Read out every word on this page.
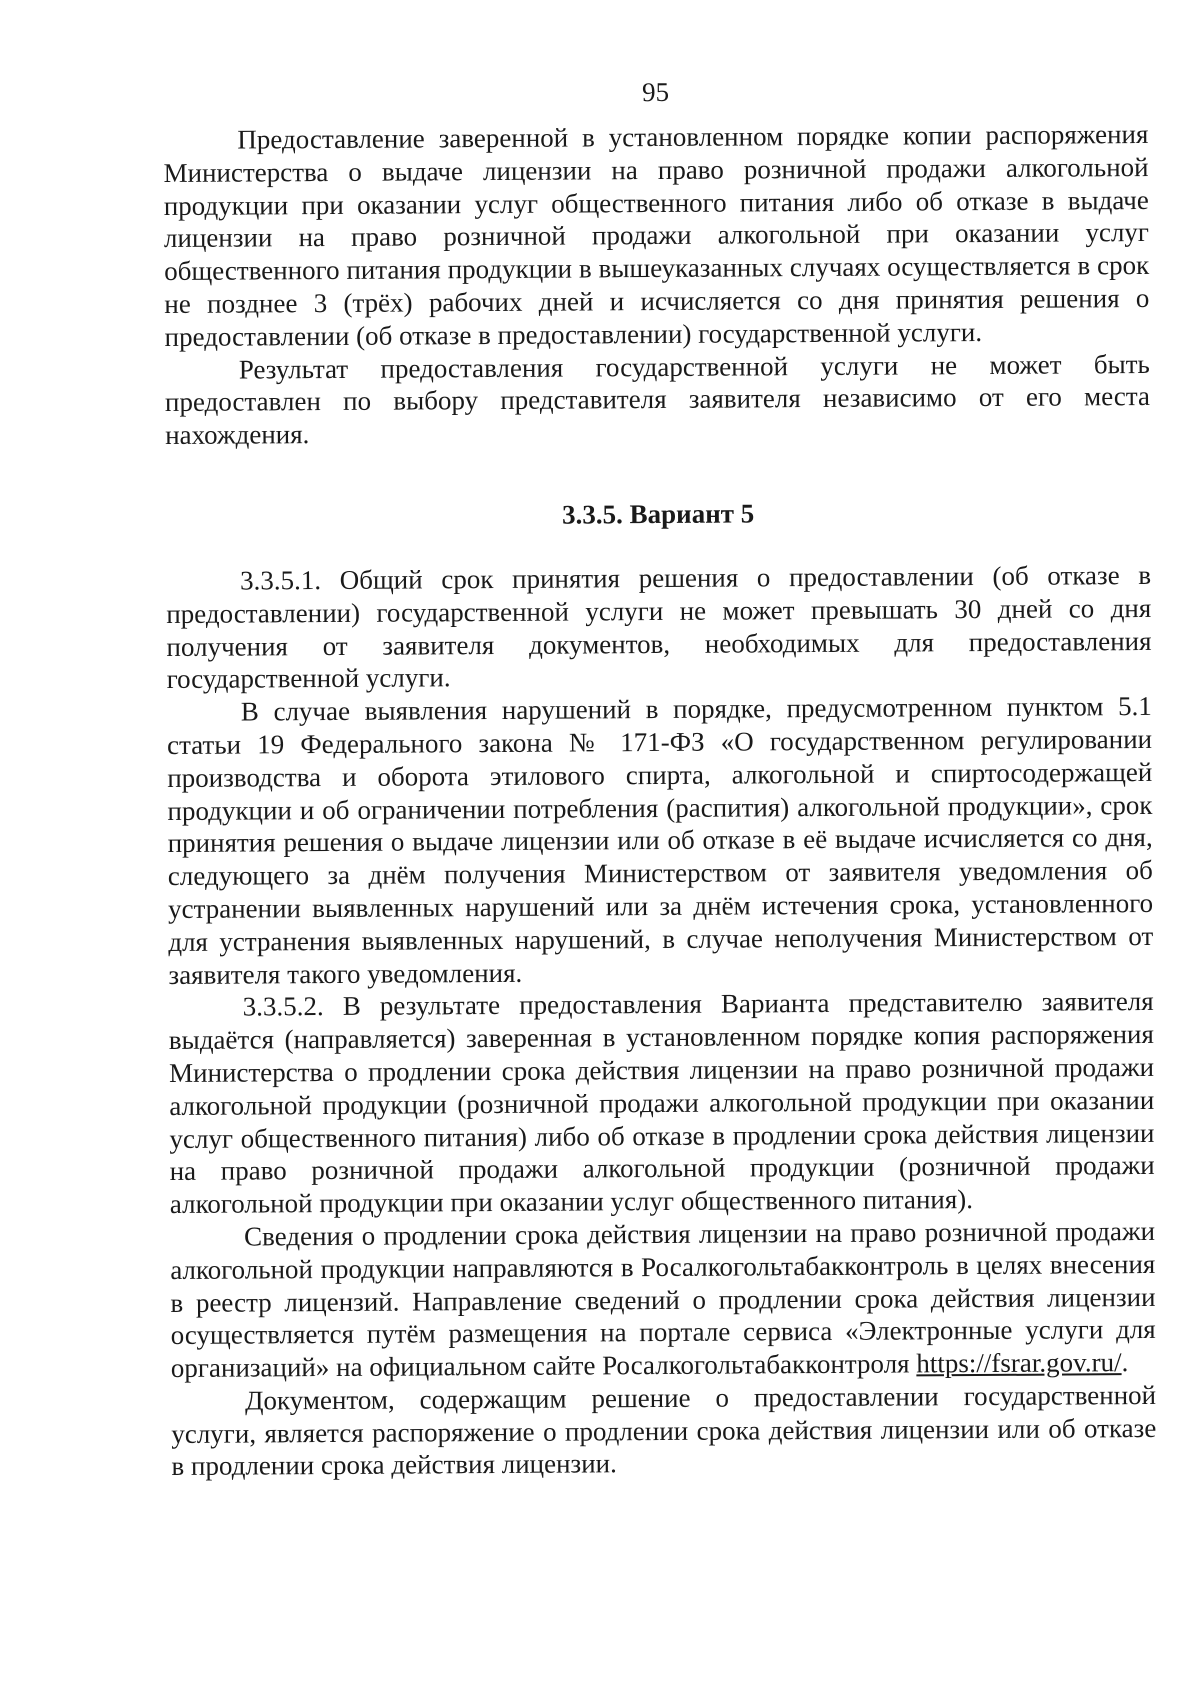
95

Предоставление заверенной в установленном порядке копии распоряжения Министерства о выдаче лицензии на право розничной продажи алкогольной продукции при оказании услуг общественного питания либо об отказе в выдаче лицензии на право розничной продажи алкогольной при оказании услуг общественного питания продукции в вышеуказанных случаях осуществляется в срок не позднее 3 (трёх) рабочих дней и исчисляется со дня принятия решения о предоставлении (об отказе в предоставлении) государственной услуги.

Результат предоставления государственной услуги не может быть предоставлен по выбору представителя заявителя независимо от его места нахождения.

3.3.5. Вариант 5

3.3.5.1. Общий срок принятия решения о предоставлении (об отказе в предоставлении) государственной услуги не может превышать 30 дней со дня получения от заявителя документов, необходимых для предоставления государственной услуги.

В случае выявления нарушений в порядке, предусмотренном пунктом 5.1 статьи 19 Федерального закона № 171-ФЗ «О государственном регулировании производства и оборота этилового спирта, алкогольной и спиртосодержащей продукции и об ограничении потребления (распития) алкогольной продукции», срок принятия решения о выдаче лицензии или об отказе в её выдаче исчисляется со дня, следующего за днём получения Министерством от заявителя уведомления об устранении выявленных нарушений или за днём истечения срока, установленного для устранения выявленных нарушений, в случае неполучения Министерством от заявителя такого уведомления.

3.3.5.2. В результате предоставления Варианта представителю заявителя выдаётся (направляется) заверенная в установленном порядке копия распоряжения Министерства о продлении срока действия лицензии на право розничной продажи алкогольной продукции (розничной продажи алкогольной продукции при оказании услуг общественного питания) либо об отказе в продлении срока действия лицензии на право розничной продажи алкогольной продукции (розничной продажи алкогольной продукции при оказании услуг общественного питания).

Сведения о продлении срока действия лицензии на право розничной продажи алкогольной продукции направляются в Росалкогольтабакконтроль в целях внесения в реестр лицензий. Направление сведений о продлении срока действия лицензии осуществляется путём размещения на портале сервиса «Электронные услуги для организаций» на официальном сайте Росалкогольтабакконтроля https://fsrar.gov.ru/.

Документом, содержащим решение о предоставлении государственной услуги, является распоряжение о продлении срока действия лицензии или об отказе в продлении срока действия лицензии.
